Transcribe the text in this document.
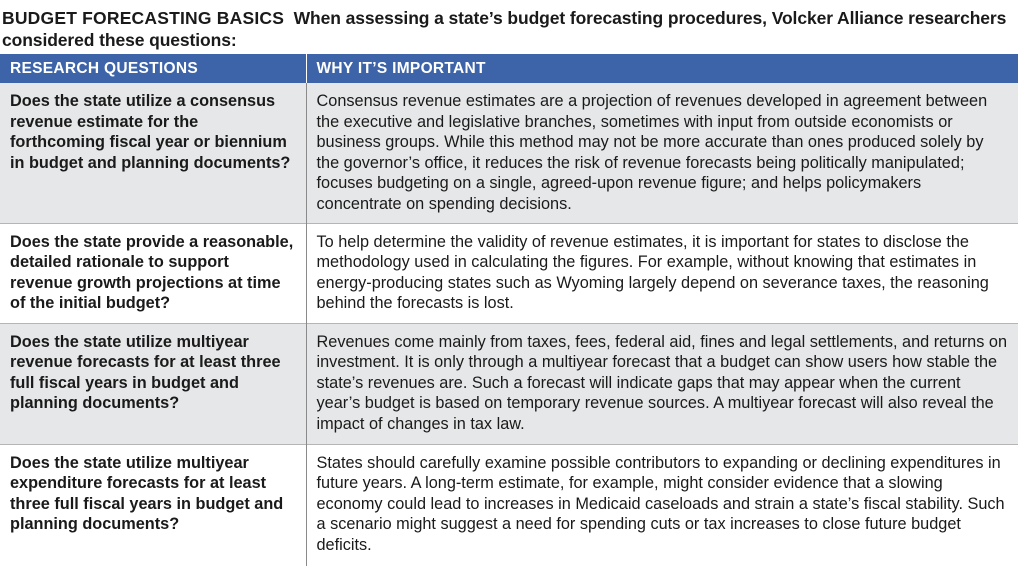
BUDGET FORECASTING BASICS When assessing a state’s budget forecasting procedures, Volcker Alliance researchers considered these questions:
RESEARCH QUESTIONS	WHY IT’S IMPORTANT
Does the state utilize a consensus revenue estimate for the forthcoming fiscal year or biennium in budget and planning documents?	Consensus revenue estimates are a projection of revenues developed in agreement between the executive and legislative branches, sometimes with input from outside economists or business groups. While this method may not be more accurate than ones produced solely by the governor’s office, it reduces the risk of revenue forecasts being politically manipulated; focuses budgeting on a single, agreed-upon revenue figure; and helps policymakers concentrate on spending decisions.
Does the state provide a reasonable, detailed rationale to support revenue growth projections at time of the initial budget?	To help determine the validity of revenue estimates, it is important for states to disclose the methodology used in calculating the figures. For example, without knowing that estimates in energy-producing states such as Wyoming largely depend on severance taxes, the reasoning behind the forecasts is lost.
Does the state utilize multiyear revenue forecasts for at least three full fiscal years in budget and planning documents?	Revenues come mainly from taxes, fees, federal aid, fines and legal settlements, and returns on investment. It is only through a multiyear forecast that a budget can show users how stable the state’s revenues are. Such a forecast will indicate gaps that may appear when the current year’s budget is based on temporary revenue sources. A multiyear forecast will also reveal the impact of changes in tax law.
Does the state utilize multiyear expenditure forecasts for at least three full fiscal years in budget and planning documents?	States should carefully examine possible contributors to expanding or declining expenditures in future years. A long-term estimate, for example, might consider evidence that a slowing economy could lead to increases in Medicaid caseloads and strain a state’s fiscal stability. Such a scenario might suggest a need for spending cuts or tax increases to close future budget deficits.
